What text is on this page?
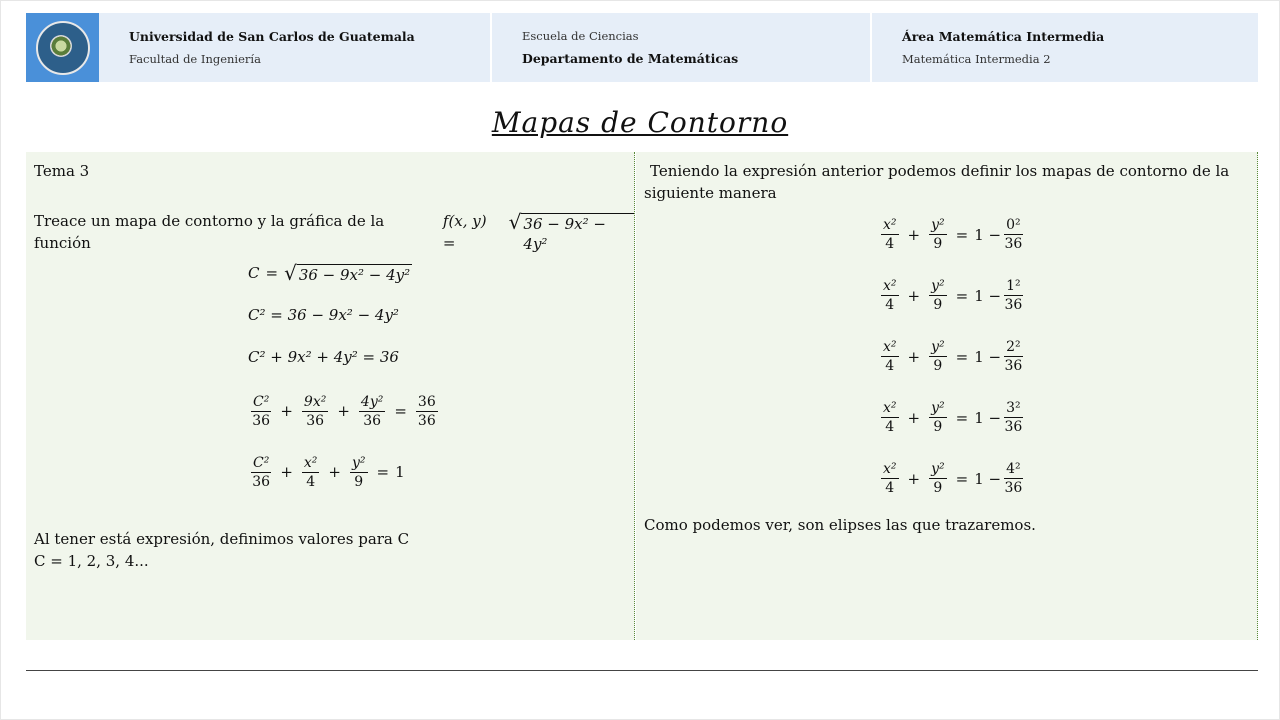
Universidad de San Carlos de Guatemala
Facultad de Ingeniería
Escuela de Ciencias
Departamento de Matemáticas
Área Matemática Intermedia
Matemática Intermedia 2
Mapas de Contorno
Tema 3
Treace un mapa de contorno y la gráfica de la función
f(x, y) =
√ 36 − 9x² − 4y²
C = √ 36 − 9x² − 4y²
C² = 36 − 9x² − 4y²
C² + 9x² + 4y² = 36
$\frac{\text{C²}}{36} + \frac{\text{9x²}}{36} + \frac{\text{4y²}}{36} = \frac{36}{36}$
$\frac{\text{C²}}{36} + \frac{\text{x²}}{4} + \frac{\text{y²}}{9} = 1$
Al tener está expresión, definimos valores para C
C = 1, 2, 3, 4...
Teniendo la expresión anterior podemos definir los mapas de contorno de la siguiente manera
$\frac{\text{x²}}{4} + \frac{\text{y²}}{9} = 1 - \frac{\text{0²}}{36}$
$\frac{\text{x²}}{4} + \frac{\text{y²}}{9} = 1 - \frac{\text{1²}}{36}$
$\frac{\text{x²}}{4} + \frac{\text{y²}}{9} = 1 - \frac{\text{2²}}{36}$
$\frac{\text{x²}}{4} + \frac{\text{y²}}{9} = 1 - \frac{\text{3²}}{36}$
$\frac{\text{x²}}{4} + \frac{\text{y²}}{9} = 1 - \frac{\text{4²}}{36}$
Como podemos ver, son elipses las que trazaremos.
